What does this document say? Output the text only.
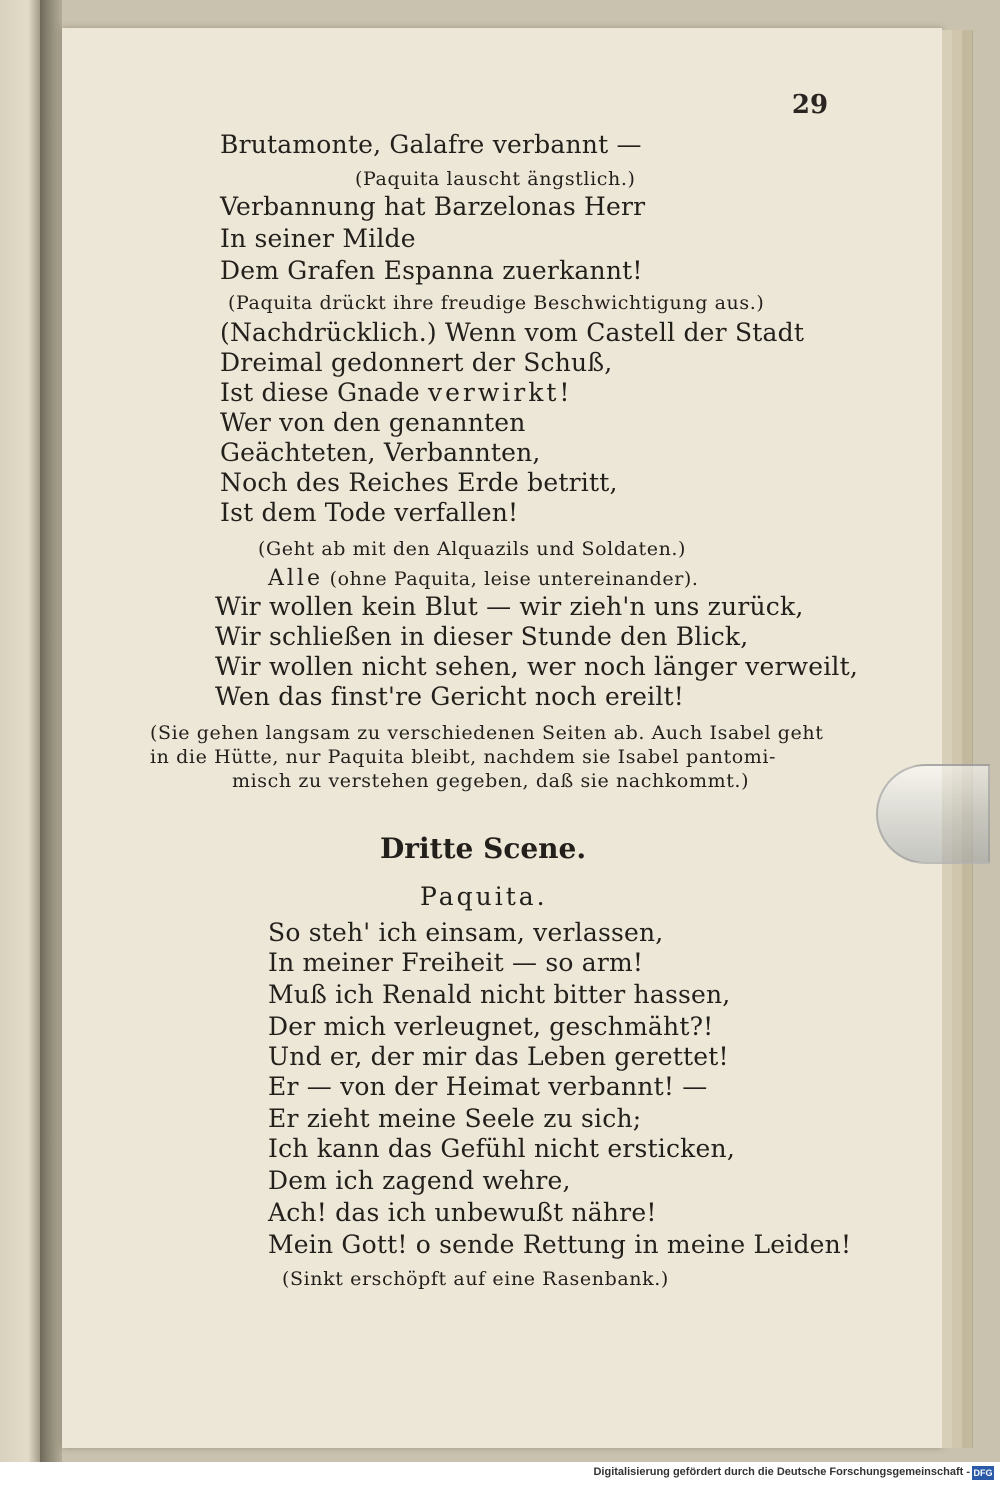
29
Brutamonte, Galafre verbannt —
(Paquita lauscht ängstlich.)
Verbannung hat Barzelonas Herr
In seiner Milde
Dem Grafen Espanna zuerkannt!
(Paquita drückt ihre freudige Beschwichtigung aus.)
(Nachdrücklich.) Wenn vom Castell der Stadt
Dreimal gedonnert der Schuß,
Ist diese Gnade verwirkt!
Wer von den genannten
Geächteten, Verbannten,
Noch des Reiches Erde betritt,
Ist dem Tode verfallen!
(Geht ab mit den Alquazils und Soldaten.)
Alle (ohne Paquita, leise untereinander).
Wir wollen kein Blut — wir zieh'n uns zurück,
Wir schließen in dieser Stunde den Blick,
Wir wollen nicht sehen, wer noch länger verweilt,
Wen das finst're Gericht noch ereilt!
(Sie gehen langsam zu verschiedenen Seiten ab. Auch Isabel geht
in die Hütte, nur Paquita bleibt, nachdem sie Isabel pantomi-
misch zu verstehen gegeben, daß sie nachkommt.)
Dritte Scene.
Paquita.
So steh' ich einsam, verlassen,
In meiner Freiheit — so arm!
Muß ich Renald nicht bitter hassen,
Der mich verleugnet, geschmäht?!
Und er, der mir das Leben gerettet!
Er — von der Heimat verbannt! —
Er zieht meine Seele zu sich;
Ich kann das Gefühl nicht ersticken,
Dem ich zagend wehre,
Ach! das ich unbewußt nähre!
Mein Gott! o sende Rettung in meine Leiden!
(Sinkt erschöpft auf eine Rasenbank.)
Digitalisierung gefördert durch die Deutsche Forschungsgemeinschaft - DFG
